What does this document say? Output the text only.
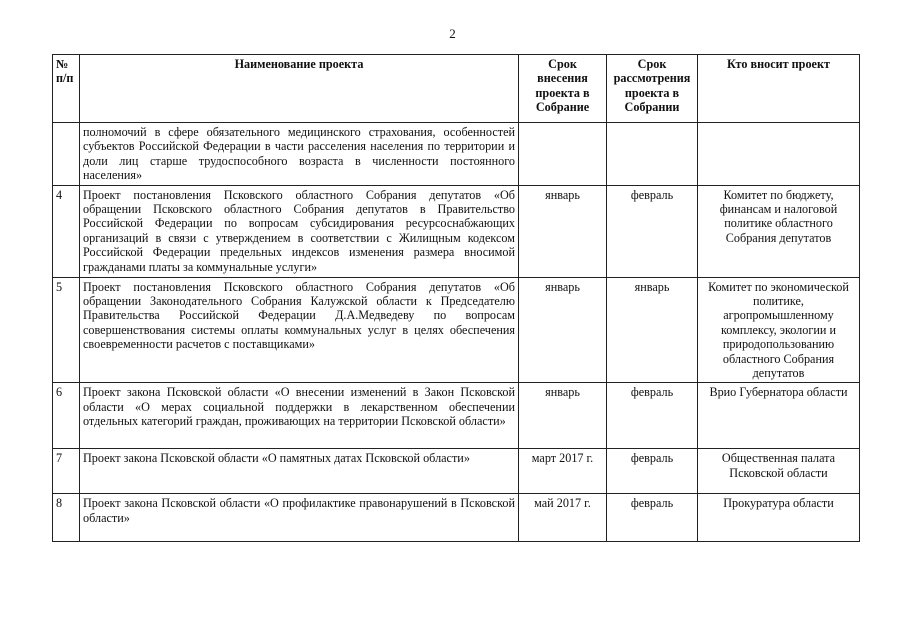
2
№ п/п	Наименование проекта	Срок внесения проекта в Собрание	Срок рассмотрения проекта в Собрании	Кто вносит проект
	полномочий в сфере обязательного медицинского страхования, особенностей субъектов Российской Федерации в части расселения населения по территории и доли лиц старше трудоспособного возраста в численности постоянного населения»			
4	Проект постановления Псковского областного Собрания депутатов «Об обращении Псковского областного Собрания депутатов в Правительство Российской Федерации по вопросам субсидирования ресурсоснабжающих организаций в связи с утверждением в соответствии с Жилищным кодексом Российской Федерации предельных индексов изменения размера вносимой гражданами платы за коммунальные услуги»	январь	февраль	Комитет по бюджету, финансам и налоговой политике областного Собрания депутатов
5	Проект постановления Псковского областного Собрания депутатов «Об обращении Законодательного Собрания Калужской области к Председателю Правительства Российской Федерации Д.А.Медведеву по вопросам совершенствования системы оплаты коммунальных услуг в целях обеспечения своевременности расчетов с поставщиками»	январь	январь	Комитет по экономической политике, агропромышленному комплексу, экологии и природопользованию областного Собрания депутатов
6	Проект закона Псковской области «О внесении изменений в Закон Псковской области «О мерах социальной поддержки в лекарственном обеспечении отдельных категорий граждан, проживающих на территории Псковской области»	январь	февраль	Врио Губернатора области
7	Проект закона Псковской области «О памятных датах Псковской области»	март 2017 г.	февраль	Общественная палата Псковской области
8	Проект закона Псковской области «О профилактике правонарушений в Псковской области»	май 2017 г.	февраль	Прокуратура области
